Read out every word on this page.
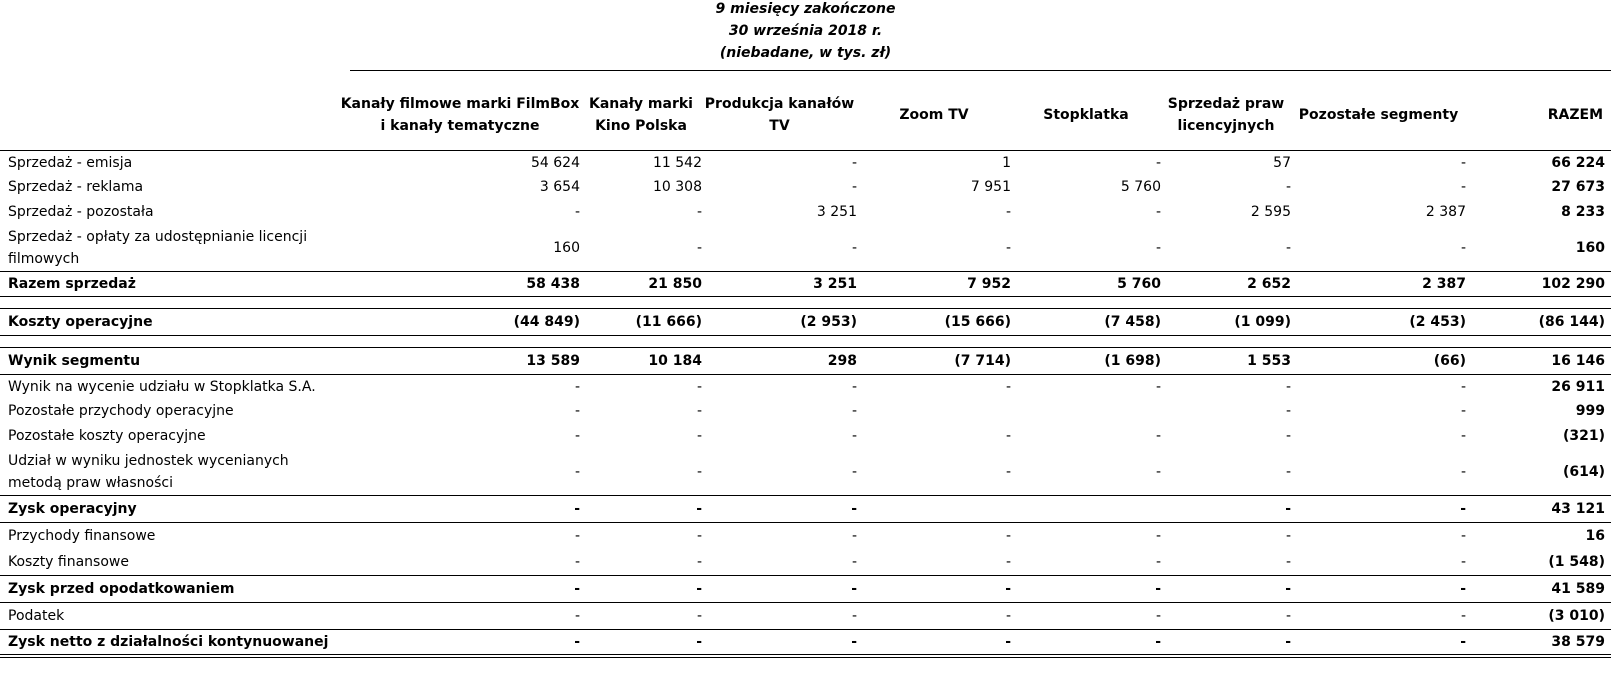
9 miesięcy zakończone
30 września 2018 r.
(niebadane, w tys. zł)
	Kanały filmowe marki FilmBox i kanały tematyczne	Kanały marki Kino Polska	Produkcja kanałów TV	Zoom TV	Stopklatka	Sprzedaż praw licencyjnych	Pozostałe segmenty	RAZEM
Sprzedaż - emisja	54 624	11 542	-	1	-	57	-	66 224
Sprzedaż - reklama	3 654	10 308	-	7 951	5 760	-	-	27 673
Sprzedaż - pozostała	-	-	3 251	-	-	2 595	2 387	8 233
Sprzedaż - opłaty za udostępnianie licencji filmowych	160	-	-	-	-	-	-	160
Razem sprzedaż	58 438	21 850	3 251	7 952	5 760	2 652	2 387	102 290

Koszty operacyjne	(44 849)	(11 666)	(2 953)	(15 666)	(7 458)	(1 099)	(2 453)	(86 144)

Wynik segmentu	13 589	10 184	298	(7 714)	(1 698)	1 553	(66)	16 146
Wynik na wycenie udziału w Stopklatka S.A.	-	-	-	-	-	-	-	26 911
Pozostałe przychody operacyjne	-	-	-			-	-	999
Pozostałe koszty operacyjne	-	-	-	-	-	-	-	(321)
Udział w wyniku jednostek wycenianych metodą praw własności	-	-	-	-	-	-	-	(614)
Zysk operacyjny	-	-	-			-	-	43 121
Przychody finansowe	-	-	-	-	-	-	-	16
Koszty finansowe	-	-	-	-	-	-	-	(1 548)
Zysk przed opodatkowaniem	-	-	-	-	-	-	-	41 589
Podatek	-	-	-	-	-	-	-	(3 010)
Zysk netto z działalności kontynuowanej	-	-	-	-	-	-	-	38 579
